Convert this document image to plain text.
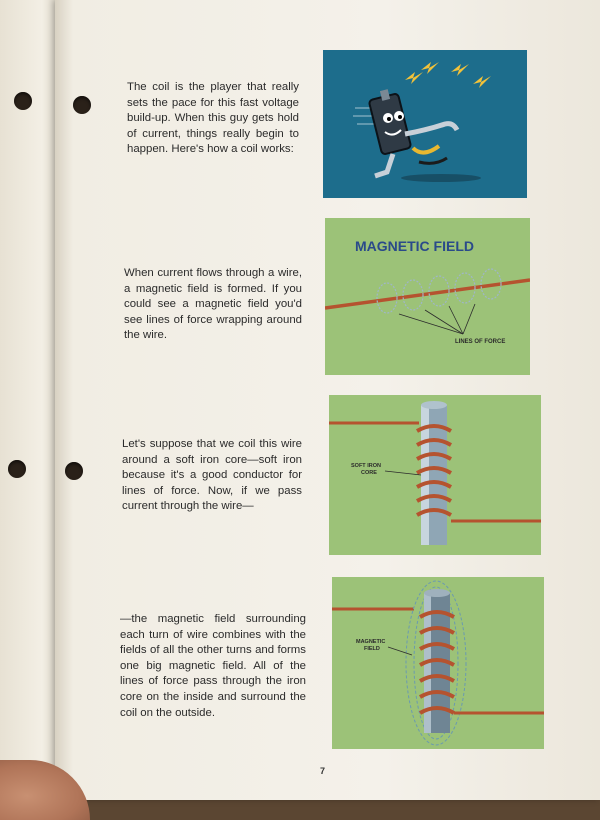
The coil is the player that really sets the pace for this fast voltage build-up. When this guy gets hold of current, things really begin to happen. Here's how a coil works:
When current flows through a wire, a magnetic field is formed. If you could see a magnetic field you'd see lines of force wrapping around the wire.
MAGNETIC FIELD
LINES OF FORCE
Let's suppose that we coil this wire around a soft iron core—soft iron because it's a good conductor for lines of force. Now, if we pass current through the wire—
SOFT IRON
CORE
—the magnetic field surrounding each turn of wire combines with the fields of all the other turns and forms one big magnetic field. All of the lines of force pass through the iron core on the inside and surround the coil on the outside.
MAGNETIC
FIELD
7
